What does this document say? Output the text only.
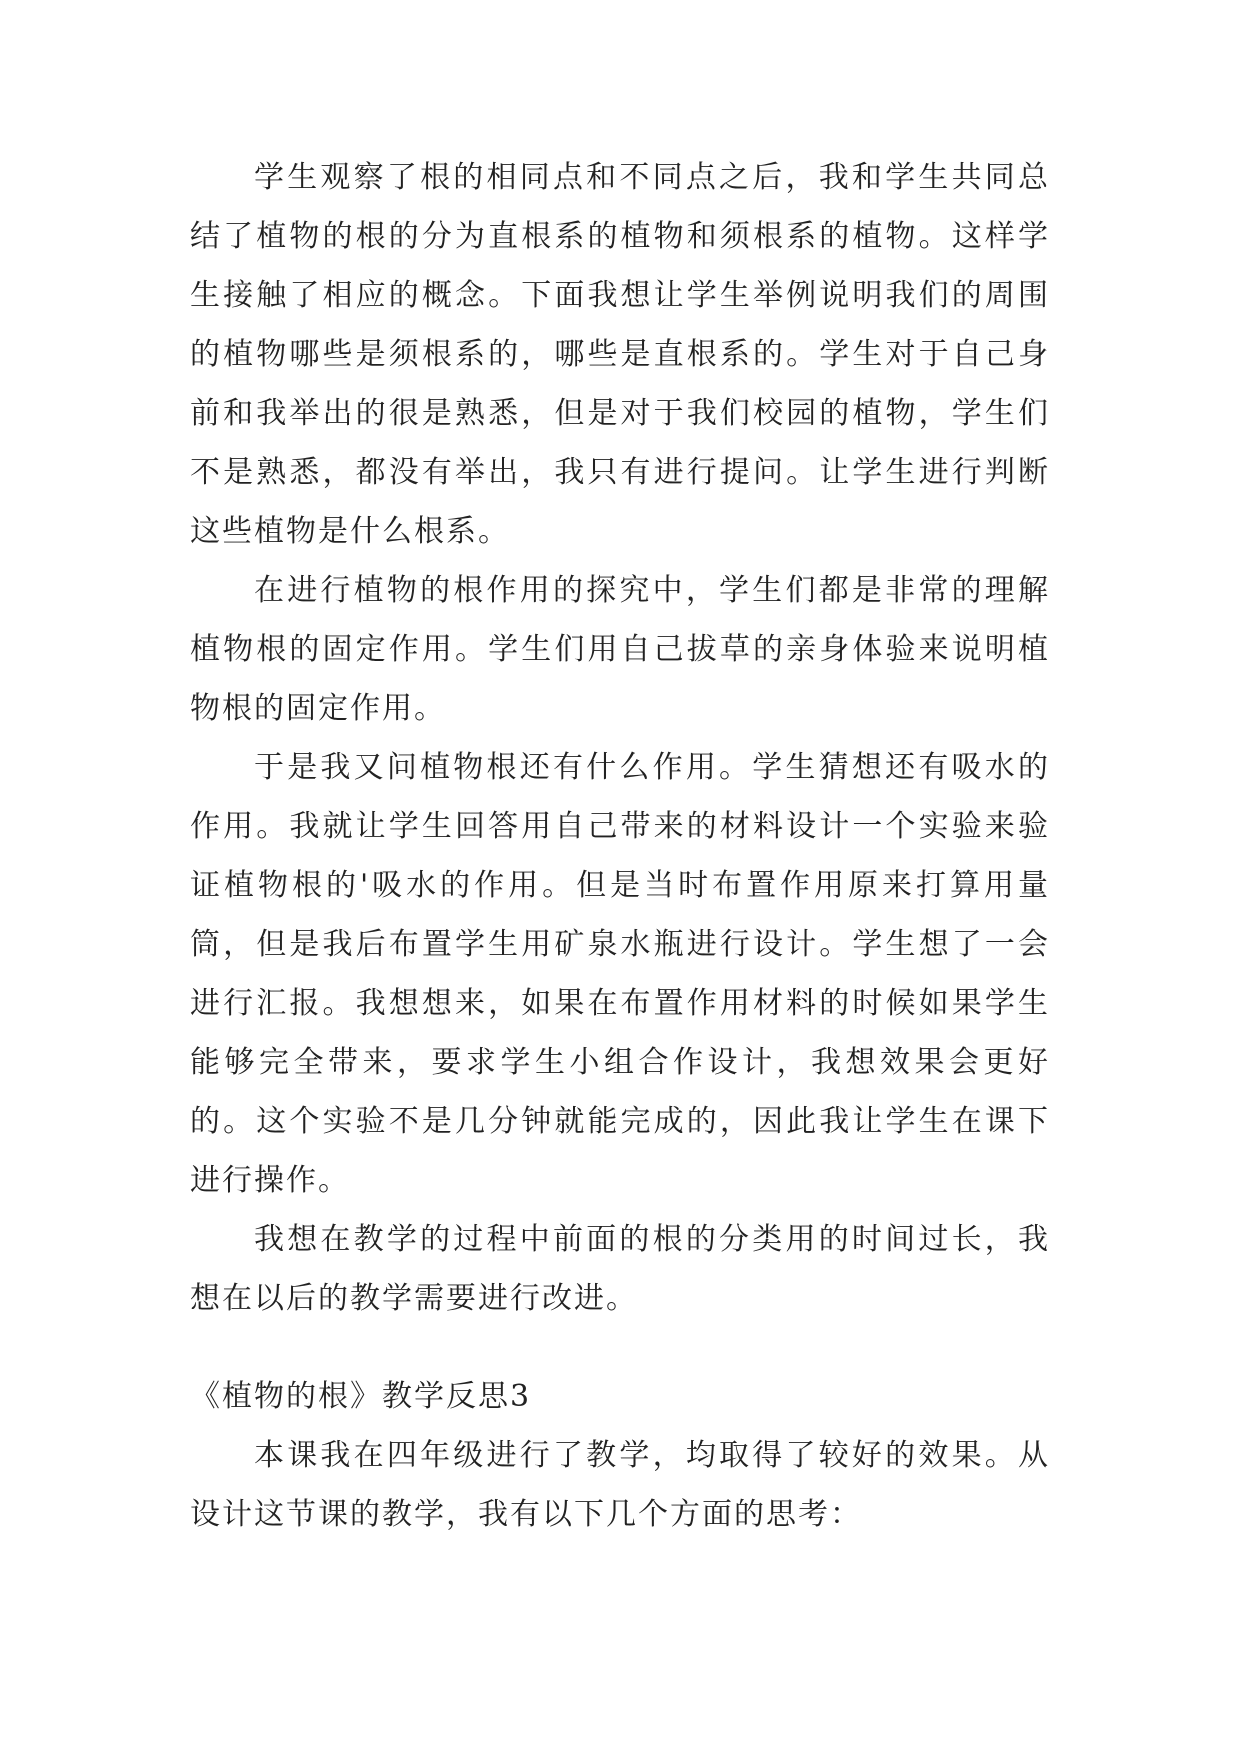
学生观察了根的相同点和不同点之后，我和学生共同总结了植物的根的分为直根系的植物和须根系的植物。这样学生接触了相应的概念。下面我想让学生举例说明我们的周围的植物哪些是须根系的，哪些是直根系的。学生对于自己身前和我举出的很是熟悉，但是对于我们校园的植物，学生们不是熟悉，都没有举出，我只有进行提问。让学生进行判断这些植物是什么根系。

在进行植物的根作用的探究中，学生们都是非常的理解植物根的固定作用。学生们用自己拔草的亲身体验来说明植物根的固定作用。

于是我又问植物根还有什么作用。学生猜想还有吸水的作用。我就让学生回答用自己带来的材料设计一个实验来验证植物根的'吸水的作用。但是当时布置作用原来打算用量筒，但是我后布置学生用矿泉水瓶进行设计。学生想了一会进行汇报。我想想来，如果在布置作用材料的时候如果学生能够完全带来，要求学生小组合作设计，我想效果会更好的。这个实验不是几分钟就能完成的，因此我让学生在课下进行操作。

我想在教学的过程中前面的根的分类用的时间过长，我想在以后的教学需要进行改进。

《植物的根》教学反思3

本课我在四年级进行了教学，均取得了较好的效果。从设计这节课的教学，我有以下几个方面的思考：
